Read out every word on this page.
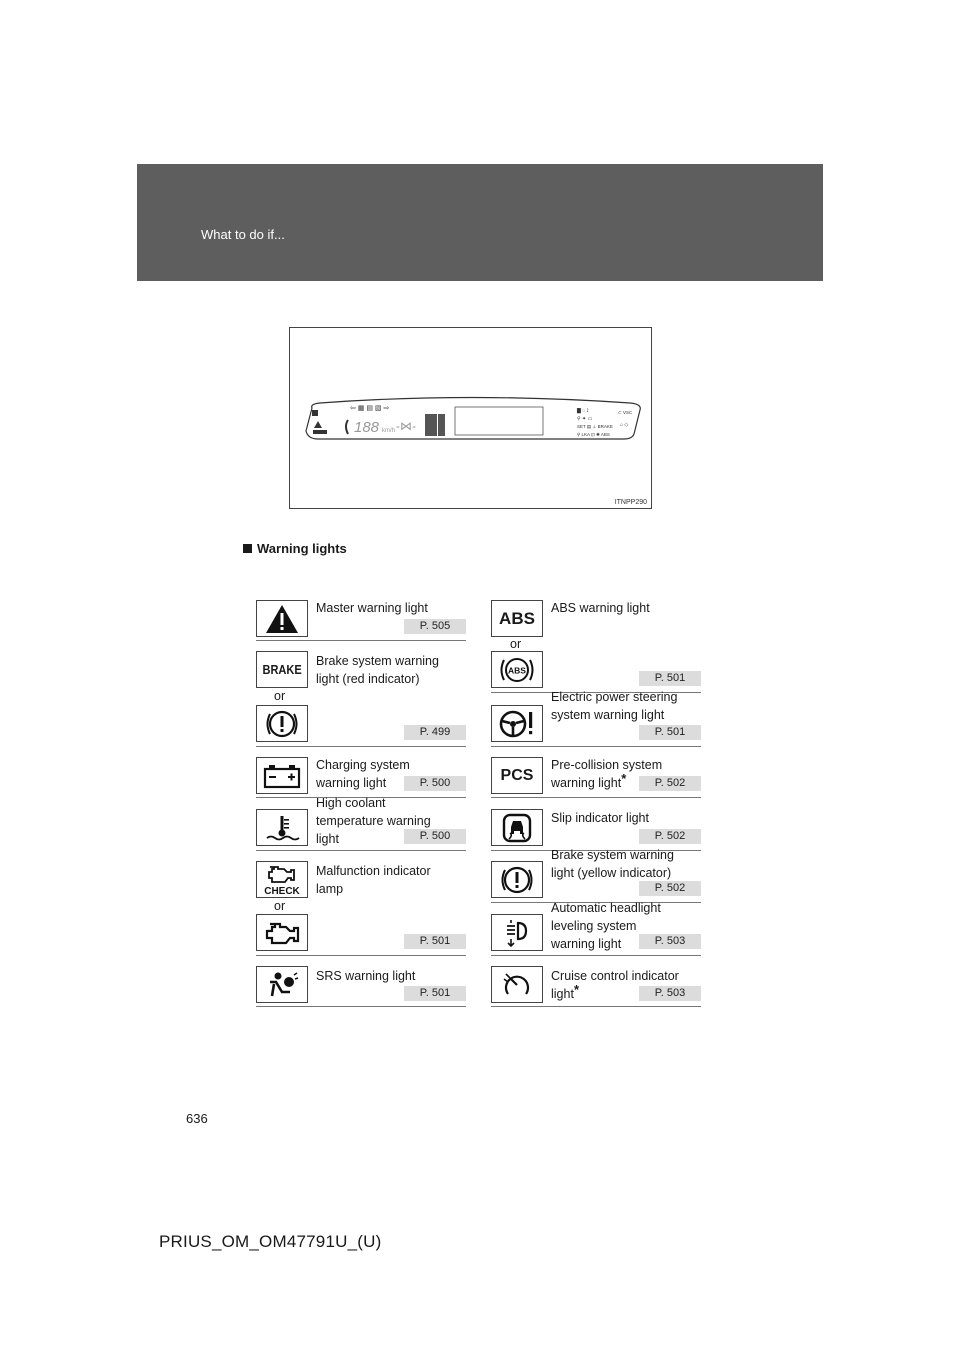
What to do if...
⇦ ▦ ▤ ▧ ⇨
188 km/h -⋈-
▇ ◌ ⟟
⚲ ✦ ▭
SET ▤ ⊥ BRAKE
⚲ LKA ⊡ ✺ ABS
⊂ VSC
⌂ ◇
ITNPP290
Warning lights
Master warning light
P. 505
BRAKE
or
Brake system warning
light (red indicator)
P. 499
Charging system
warning light	P. 500
High coolant
temperature warning
light	P. 500
CHECK
or
Malfunction indicator
lamp
P. 501
SRS warning light
P. 501
ABS
or
ABS
ABS warning light
P. 501
Electric power steering
system warning light
P. 501
PCS
Pre-collision system
warning light*	P. 502
Slip indicator light
P. 502
Brake system warning
light (yellow indicator)
P. 502
Automatic headlight
leveling system
warning light	P. 503
Cruise control indicator
light*	P. 503
636
PRIUS_OM_OM47791U_(U)
